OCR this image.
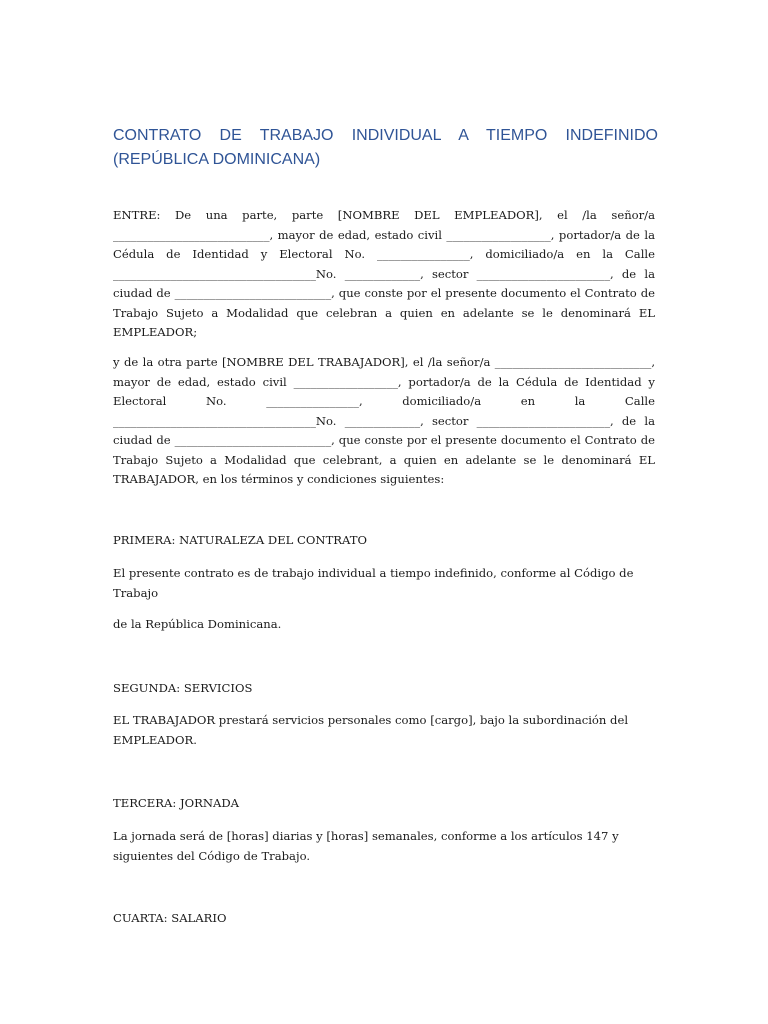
CONTRATO DE TRABAJO INDIVIDUAL A TIEMPO INDEFINIDO (REPÚBLICA DOMINICANA)

ENTRE: De una parte, parte [NOMBRE DEL EMPLEADOR], el /la señor/a ___________________________, mayor de edad, estado civil __________________, portador/a de la Cédula de Identidad y Electoral No. ________________, domiciliado/a en la Calle ___________________________________No. _____________, sector _______________________, de la ciudad de ___________________________, que conste por el presente documento el Contrato de Trabajo Sujeto a Modalidad que celebran a quien en adelante se le denominará EL EMPLEADOR;

y de la otra parte [NOMBRE DEL TRABAJADOR], el /la señor/a ___________________________, mayor de edad, estado civil __________________, portador/a de la Cédula de Identidad y Electoral No. ________________, domiciliado/a en la Calle ___________________________________No. _____________, sector _______________________, de la ciudad de ___________________________, que conste por el presente documento el Contrato de Trabajo Sujeto a Modalidad que celebrant, a quien en adelante se le denominará EL TRABAJADOR, en los términos y condiciones siguientes:

PRIMERA: NATURALEZA DEL CONTRATO

El presente contrato es de trabajo individual a tiempo indefinido, conforme al Código de Trabajo

de la República Dominicana.

SEGUNDA: SERVICIOS

EL TRABAJADOR prestará servicios personales como [cargo], bajo la subordinación del EMPLEADOR.

TERCERA: JORNADA

La jornada será de [horas] diarias y [horas] semanales, conforme a los artículos 147 y siguientes del Código de Trabajo.

CUARTA: SALARIO
